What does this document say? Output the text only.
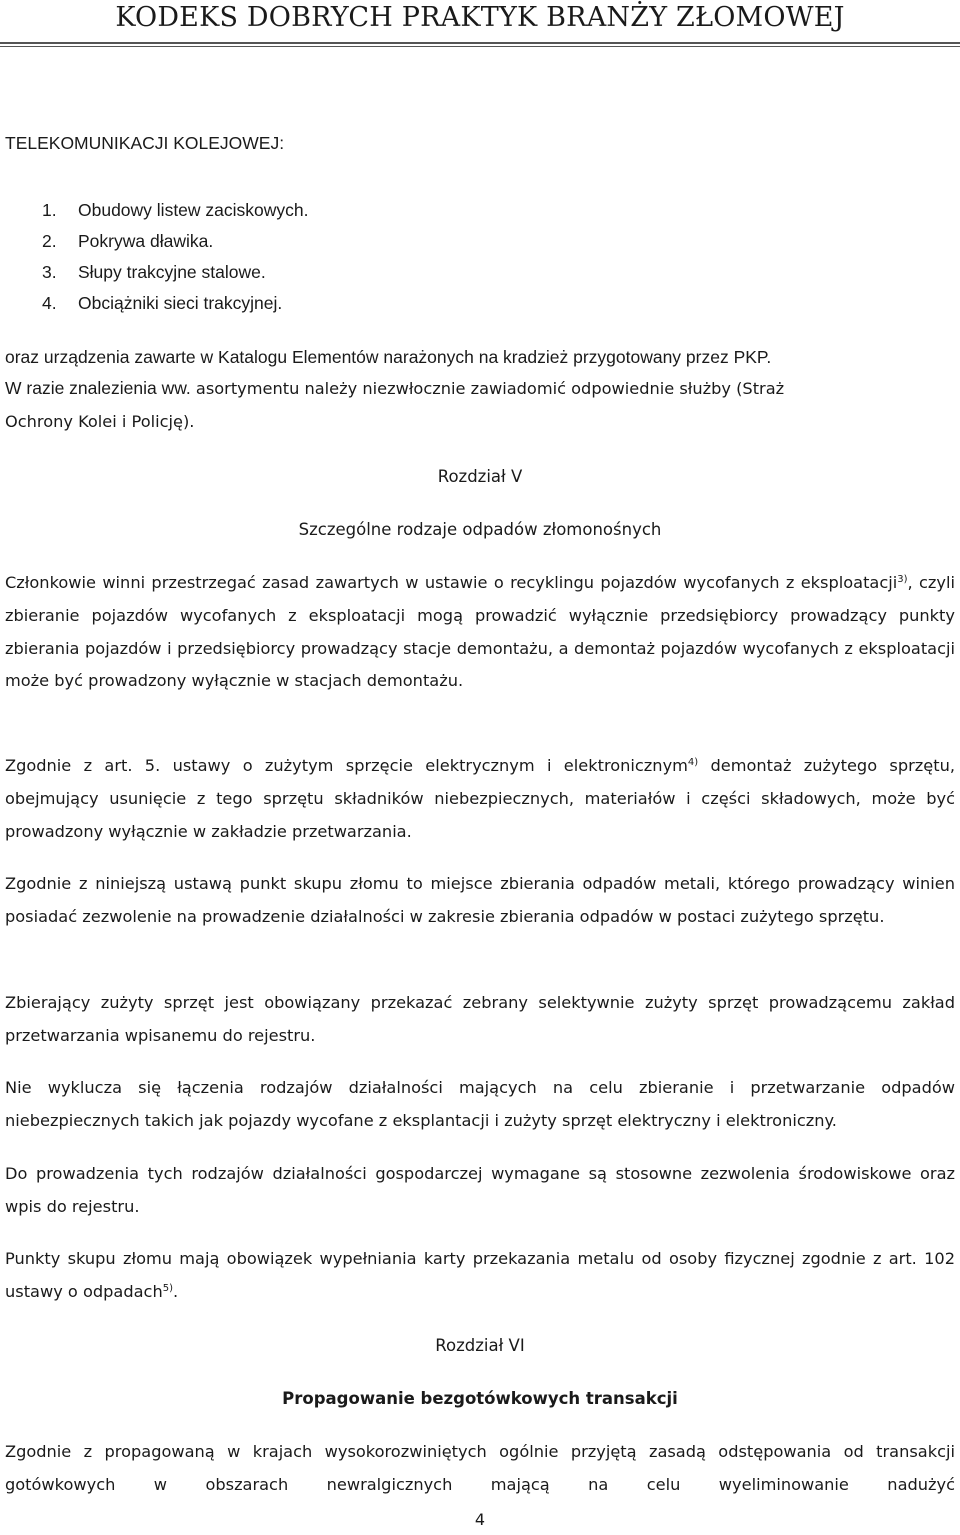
KODEKS DOBRYCH PRAKTYK BRANŻY ZŁOMOWEJ
TELEKOMUNIKACJI KOLEJOWEJ:
1. Obudowy listew zaciskowych.
2. Pokrywa dławika.
3. Słupy trakcyjne stalowe.
4. Obciążniki sieci trakcyjnej.
oraz urządzenia zawarte w Katalogu Elementów narażonych na kradzież przygotowany przez PKP.
W razie znalezienia ww. asortymentu należy niezwłocznie zawiadomić odpowiednie służby (Straż
Ochrony Kolei i Policję).
Rozdział V
Szczególne rodzaje odpadów złomonośnych
Członkowie winni przestrzegać zasad zawartych w ustawie o recyklingu pojazdów wycofanych z eksploatacji$^{3)}$, czyli zbieranie pojazdów wycofanych z eksploatacji mogą prowadzić wyłącznie przedsiębiorcy prowadzący punkty zbierania pojazdów i przedsiębiorcy prowadzący stacje demontażu, a demontaż pojazdów wycofanych z eksploatacji może być prowadzony wyłącznie w stacjach demontażu.
Zgodnie z art. 5. ustawy o zużytym sprzęcie elektrycznym i elektronicznym$^{4)}$ demontaż zużytego sprzętu, obejmujący usunięcie z tego sprzętu składników niebezpiecznych, materiałów i części składowych, może być prowadzony wyłącznie w zakładzie przetwarzania.
Zgodnie z niniejszą ustawą punkt skupu złomu to miejsce zbierania odpadów metali, którego prowadzący winien posiadać zezwolenie na prowadzenie działalności w zakresie zbierania odpadów w postaci zużytego sprzętu.
Zbierający zużyty sprzęt jest obowiązany przekazać zebrany selektywnie zużyty sprzęt prowadzącemu zakład przetwarzania wpisanemu do rejestru.
Nie wyklucza się łączenia rodzajów działalności mających na celu zbieranie i przetwarzanie odpadów niebezpiecznych takich jak pojazdy wycofane z eksplantacji i zużyty sprzęt elektryczny i elektroniczny.
Do prowadzenia tych rodzajów działalności gospodarczej wymagane są stosowne zezwolenia środowiskowe oraz wpis do rejestru.
Punkty skupu złomu mają obowiązek wypełniania karty przekazania metalu od osoby fizycznej zgodnie z art. 102 ustawy o odpadach$^{5)}$.
Rozdział VI
Propagowanie bezgotówkowych transakcji
Zgodnie z propagowaną w krajach wysokorozwiniętych ogólnie przyjętą zasadą odstępowania od transakcji gotówkowych w obszarach newralgicznych mającą na celu wyeliminowanie nadużyć
4
